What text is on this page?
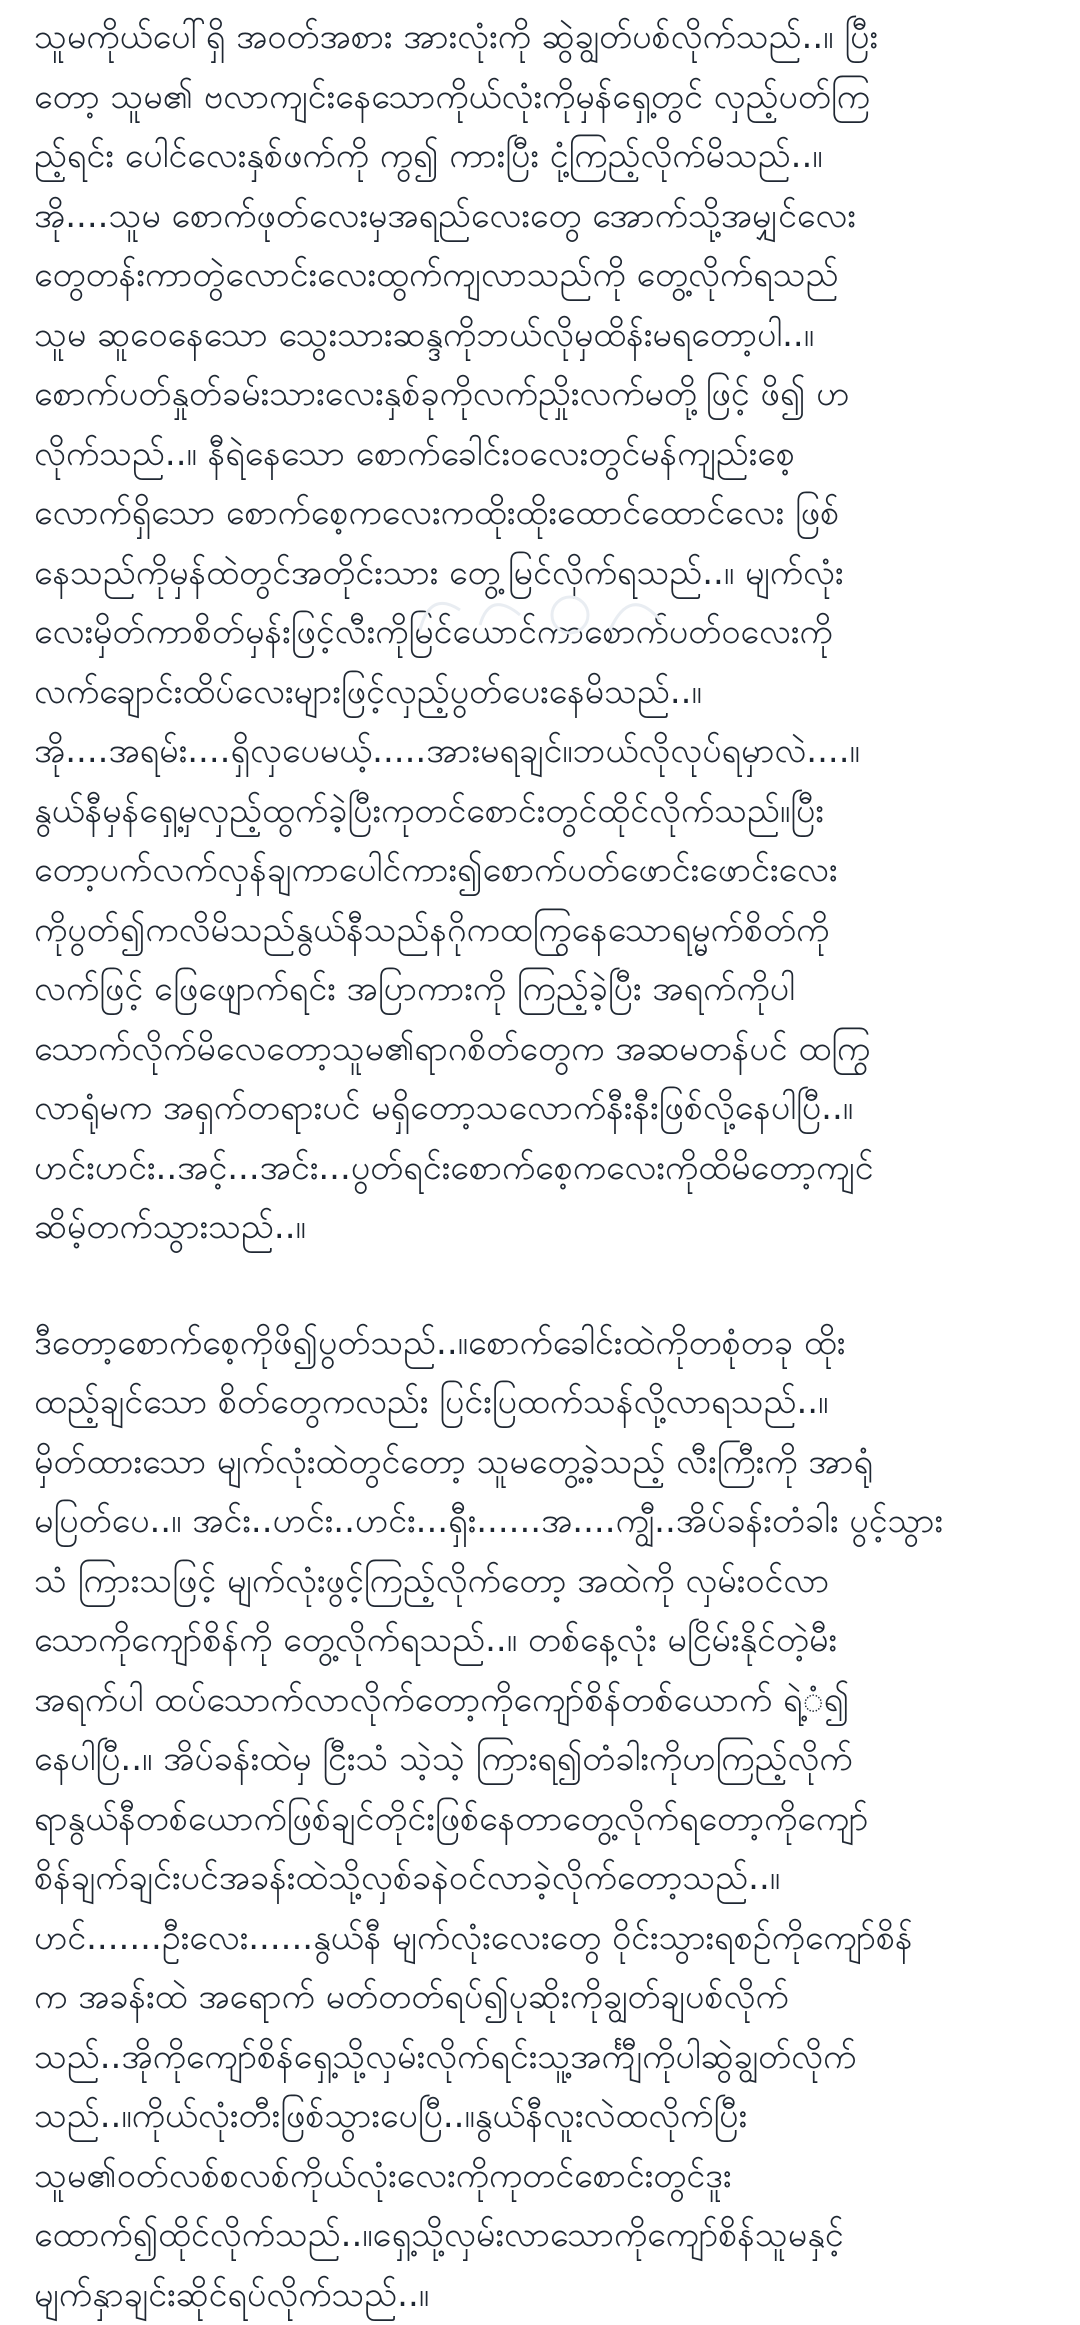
သူမကိုယ်ပေါ်ရှိ အဝတ်အစား အားလုံးကို ဆွဲချွတ်ပစ်လိုက်သည်..။ ပြီး
တော့ သူမ၏ ဗလာကျင်းနေသောကိုယ်လုံးကိုမှန်ရှေ့တွင် လှည့်ပတ်ကြ
ည့်ရင်း ပေါင်လေးနှစ်ဖက်ကို ကွ၍ ကားပြီး ငုံ့ကြည့်လိုက်မိသည်..။
အို....သူမ စောက်ဖုတ်လေးမှအရည်လေးတွေ အောက်သို့အမျှင်လေး
တွေတန်းကာတွဲလောင်းလေးထွက်ကျလာသည်ကို တွေ့လိုက်ရသည်
သူမ ဆူဝေနေသော သွေးသားဆန္ဒကိုဘယ်လိုမှထိန်းမရတော့ပါ..။
စောက်ပတ်နှုတ်ခမ်းသားလေးနှစ်ခုကိုလက်ညှိုးလက်မတို့ဖြင့် ဖိ၍ ဟ
လိုက်သည်..။ နီရဲနေသော စောက်ခေါင်းဝလေးတွင်မန်ကျည်းစေ့
လောက်ရှိသော စောက်စေ့ကလေးကထိုးထိုးထောင်ထောင်လေး ဖြစ်
နေသည်ကိုမှန်ထဲတွင်အတိုင်းသား တွေ့မြင်လိုက်ရသည်..။ မျက်လုံး
လေးမှိတ်ကာစိတ်မှန်းဖြင့်လီးကိုမြင်ယောင်ကာစောက်ပတ်ဝလေးကို
လက်ချောင်းထိပ်လေးများဖြင့်လှည့်ပွတ်ပေးနေမိသည်..။
အို....အရမ်း....ရှိလှပေမယ့်.....အားမရချင်။ဘယ်လိုလုပ်ရမှာလဲ....။
နွယ်နီမှန်ရှေ့မှလှည့်ထွက်ခဲ့ပြီးကုတင်စောင်းတွင်ထိုင်လိုက်သည်။ပြီး
တော့ပက်လက်လှန်ချကာပေါင်ကား၍စောက်ပတ်ဖောင်းဖောင်းလေး
ကိုပွတ်၍ကလိမိသည်နွယ်နီသည်နဂိုကထကြွနေသောရမ္မက်စိတ်ကို
လက်ဖြင့် ဖြေဖျောက်ရင်း အပြာကားကို ကြည့်ခဲ့ပြီး အရက်ကိုပါ
သောက်လိုက်မိလေတော့သူမ၏ရာဂစိတ်တွေက အဆမတန်ပင် ထကြွ
လာရုံမက အရှက်တရားပင် မရှိတော့သလောက်နီးနီးဖြစ်လို့နေပါပြီ..။
ဟင်းဟင်း..အင့်...အင်း...ပွတ်ရင်းစောက်စေ့ကလေးကိုထိမိတော့ကျင်
ဆိမ့်တက်သွားသည်..။
ဒီတော့စောက်စေ့ကိုဖိ၍ပွတ်သည်..။စောက်ခေါင်းထဲကိုတစုံတခု ထိုး
ထည့်ချင်သော စိတ်တွေကလည်း ပြင်းပြထက်သန်လို့လာရသည်..။
မှိတ်ထားသော မျက်လုံးထဲတွင်တော့ သူမတွေ့ခဲ့သည့် လီးကြီးကို အာရုံ
မပြတ်ပေ..။ အင်း..ဟင်း..ဟင်း...ရှီး......အ....ကျွီ..အိပ်ခန်းတံခါး ပွင့်သွား
သံ ကြားသဖြင့် မျက်လုံးဖွင့်ကြည့်လိုက်တော့ အထဲကို လှမ်းဝင်လာ
သောကိုကျော်စိန်ကို တွေ့လိုက်ရသည်..။ တစ်နေ့လုံး မငြိမ်းနိုင်တဲ့မီး
အရက်ပါ ထပ်သောက်လာလိုက်တော့ကိုကျော်စိန်တစ်ယောက် ရဲ့ံ၍
နေပါပြီ..။ အိပ်ခန်းထဲမှ ငြီးသံ သဲ့သဲ့ ကြားရ၍တံခါးကိုဟကြည့်လိုက်
ရာနွယ်နီတစ်ယောက်ဖြစ်ချင်တိုင်းဖြစ်နေတာတွေ့လိုက်ရတော့ကိုကျော်
စိန်ချက်ချင်းပင်အခန်းထဲသို့လှစ်ခနဲဝင်လာခဲ့လိုက်တော့သည်..။
ဟင်.......ဦးလေး......နွယ်နီ မျက်လုံးလေးတွေ ဝိုင်းသွားရစဥ်ကိုကျော်စိန်
က အခန်းထဲ အရောက် မတ်တတ်ရပ်၍ပုဆိုးကိုချွတ်ချပစ်လိုက်
သည်..အိုကိုကျော်စိန်ရှေ့သို့လှမ်းလိုက်ရင်းသူ့အင်္ကျီကိုပါဆွဲချွတ်လိုက်
သည်..။ကိုယ်လုံးတီးဖြစ်သွားပေပြီ..။နွယ်နီလူးလဲထလိုက်ပြီး
သူမ၏ဝတ်လစ်စလစ်ကိုယ်လုံးလေးကိုကုတင်စောင်းတွင်ဒူး
ထောက်၍ထိုင်လိုက်သည်..။ရှေ့သို့လှမ်းလာသောကိုကျော်စိန်သူမနှင့်
မျက်နှာချင်းဆိုင်ရပ်လိုက်သည်..။
